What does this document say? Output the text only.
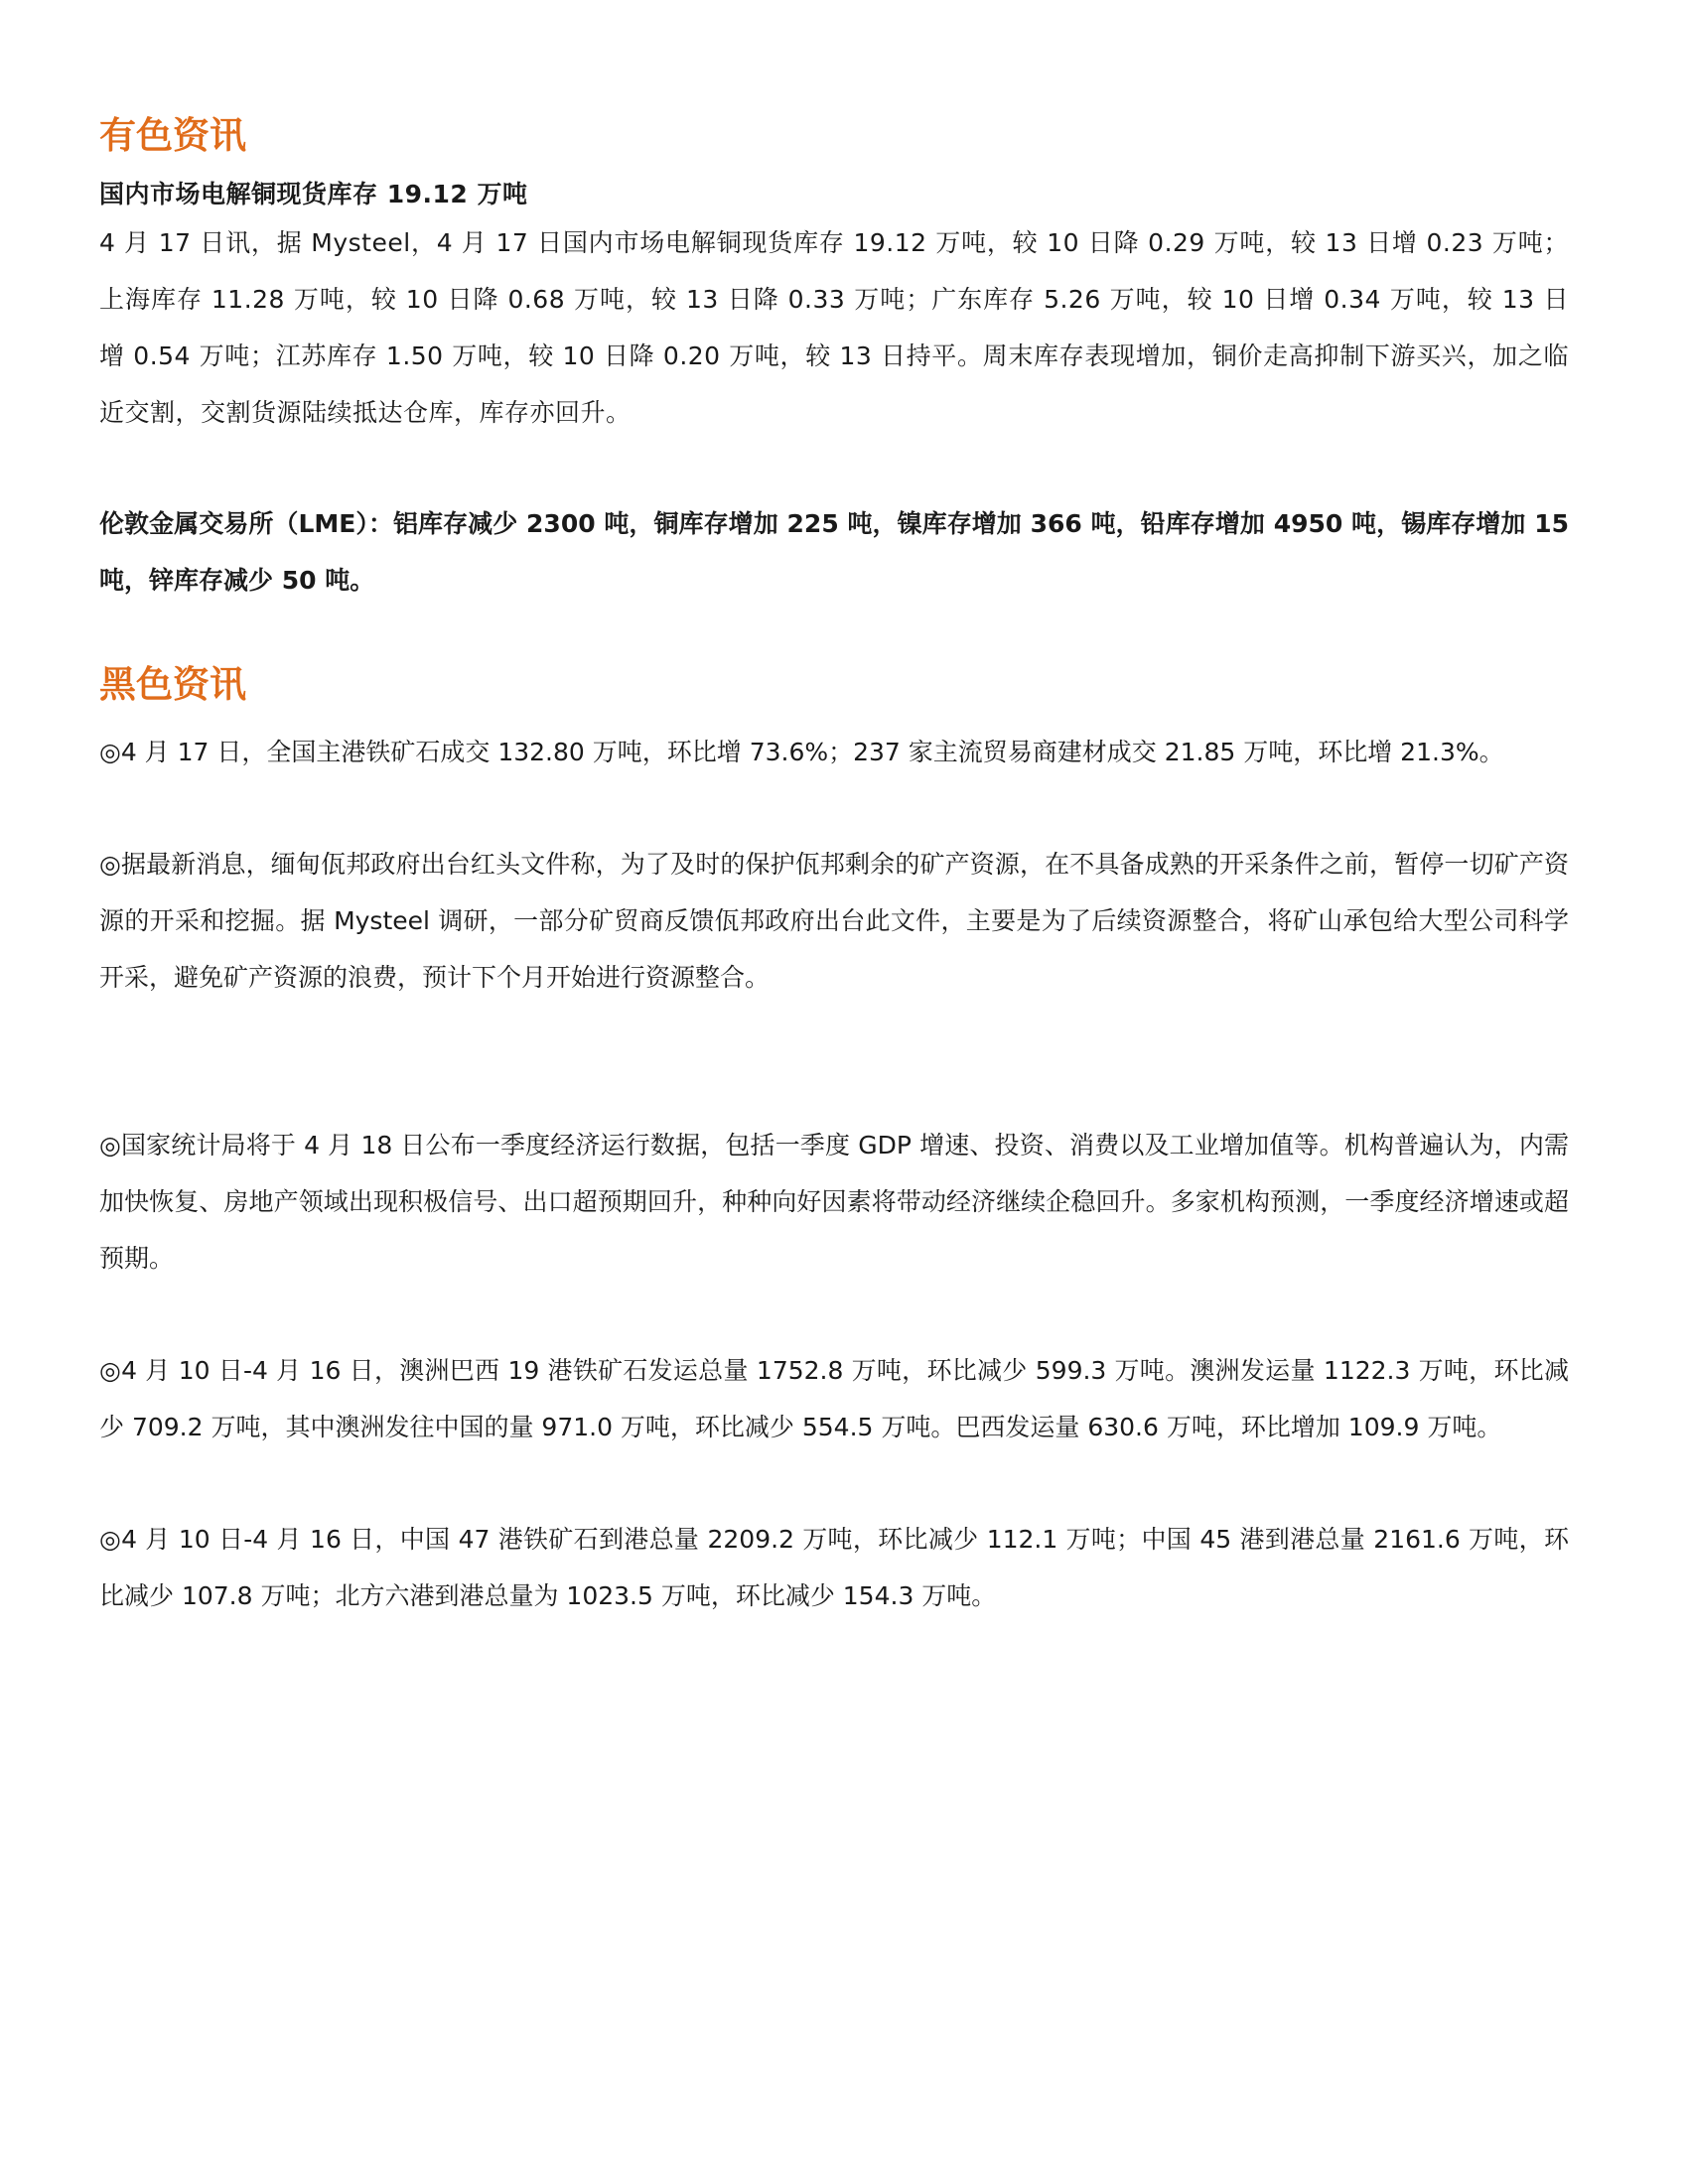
有色资讯

国内市场电解铜现货库存 19.12 万吨

4 月 17 日讯，据 Mysteel，4 月 17 日国内市场电解铜现货库存 19.12 万吨，较 10 日降 0.29 万吨，较 13 日增 0.23 万吨；上海库存 11.28 万吨，较 10 日降 0.68 万吨，较 13 日降 0.33 万吨；广东库存 5.26 万吨，较 10 日增 0.34 万吨，较 13 日增 0.54 万吨；江苏库存 1.50 万吨，较 10 日降 0.20 万吨，较 13 日持平。周末库存表现增加，铜价走高抑制下游买兴，加之临近交割，交割货源陆续抵达仓库，库存亦回升。

伦敦金属交易所（LME）：铝库存减少 2300 吨，铜库存增加 225 吨，镍库存增加 366 吨，铅库存增加 4950 吨，锡库存增加 15 吨，锌库存减少 50 吨。

黑色资讯

◎4 月 17 日，全国主港铁矿石成交 132.80 万吨，环比增 73.6%；237 家主流贸易商建材成交 21.85 万吨，环比增 21.3%。

◎据最新消息，缅甸佤邦政府出台红头文件称，为了及时的保护佤邦剩余的矿产资源，在不具备成熟的开采条件之前，暂停一切矿产资源的开采和挖掘。据 Mysteel 调研，一部分矿贸商反馈佤邦政府出台此文件，主要是为了后续资源整合，将矿山承包给大型公司科学开采，避免矿产资源的浪费，预计下个月开始进行资源整合。

◎国家统计局将于 4 月 18 日公布一季度经济运行数据，包括一季度 GDP 增速、投资、消费以及工业增加值等。机构普遍认为，内需加快恢复、房地产领域出现积极信号、出口超预期回升，种种向好因素将带动经济继续企稳回升。多家机构预测，一季度经济增速或超预期。

◎4 月 10 日-4 月 16 日，澳洲巴西 19 港铁矿石发运总量 1752.8 万吨，环比减少 599.3 万吨。澳洲发运量 1122.3 万吨，环比减少 709.2 万吨，其中澳洲发往中国的量 971.0 万吨，环比减少 554.5 万吨。巴西发运量 630.6 万吨，环比增加 109.9 万吨。

◎4 月 10 日-4 月 16 日，中国 47 港铁矿石到港总量 2209.2 万吨，环比减少 112.1 万吨；中国 45 港到港总量 2161.6 万吨，环比减少 107.8 万吨；北方六港到港总量为 1023.5 万吨，环比减少 154.3 万吨。
